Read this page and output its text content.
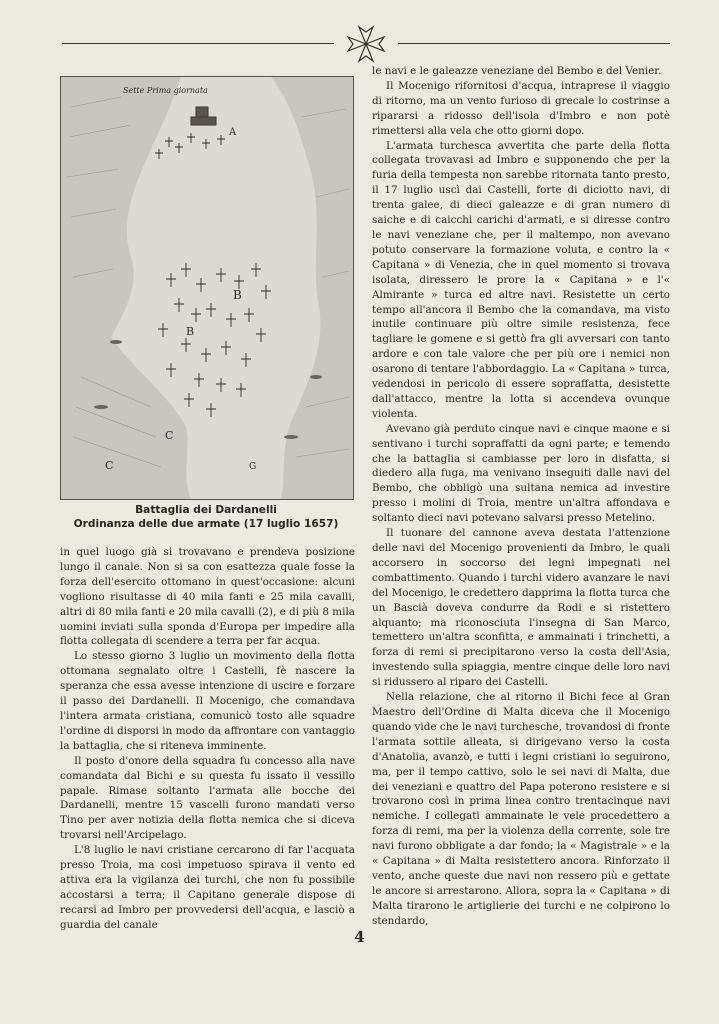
Sette Prima giornata
A
B
B
C
C	G
Battaglia dei Dardanelli
Ordinanza delle due armate (17 luglio 1657)

in quel luogo già si trovavano e prendeva posizione lungo il canale. Non si sa con esattezza quale fosse la forza dell'esercito ottomano in quest'occasione: alcuni vogliono risultasse di 40 mila fanti e 25 mila cavalli, altri di 80 mila fanti e 20 mila cavalli (2), e di più 8 mila uomini inviati sulla sponda d'Europa per impedire alla flotta collegata di scendere a terra per far acqua.

Lo stesso giorno 3 luglio un movimento della flotta ottomana segnalato oltre i Castelli, fè nascere la speranza che essa avesse intenzione di uscire e forzare il passo dei Dardanelli. Il Mocenigo, che comandava l'intera armata cristiana, comunicò tosto alle squadre l'ordine di disporsi in modo da affrontare con vantaggio la battaglia, che si riteneva imminente.

Il posto d'onore della squadra fu concesso alla nave comandata dal Bichi e su questa fu issato il vessillo papale. Rimase soltanto l'armata alle bocche dei Dardanelli, mentre 15 vascelli furono mandati verso Tino per aver notizia della flotta nemica che si diceva trovarsi nell'Arcipelago.

L'8 luglio le navi cristiane cercarono di far l'acquata presso Troia, ma così impetuoso spirava il vento ed attiva era la vigilanza dei turchi, che non fu possibile accostarsi a terra; il Capitano generale dispose di recarsi ad Imbro per provvedersi dell'acqua, e lasciò a guardia del canale

le navi e le galeazze veneziane del Bembo e del Venier.

Il Mocenigo rifornitosi d'acqua, intraprese il viaggio di ritorno, ma un vento furioso di grecale lo costrinse a ripararsi a ridosso dell'isola d'Imbro e non potè rimettersi alla vela che otto giorni dopo.

L'armata turchesca avvertita che parte della flotta collegata trovavasi ad Imbro e supponendo che per la furia della tempesta non sarebbe ritornata tanto presto, il 17 luglio uscì dai Castelli, forte di diciotto navi, di trenta galee, di dieci galeazze e di gran numero di saiche e di caicchi carichi d'armati, e si diresse contro le navi veneziane che, per il maltempo, non avevano potuto conservare la formazione voluta, e contro la « Capitana » di Venezia, che in quel momento si trovava isolata, diressero le prore la « Capitana » e l'« Almirante » turca ed altre navi. Resistette un certo tempo all'ancora il Bembo che la comandava, ma visto inutile continuare più oltre simile resistenza, fece tagliare le gomene e si gettò fra gli avversari con tanto ardore e con tale valore che per più ore i nemici non osarono di tentare l'abbordaggio. La « Capitana » turca, vedendosi in pericolo di essere sopraffatta, desistette dall'attacco, mentre la lotta si accendeva ovunque violenta.

Avevano già perduto cinque navi e cinque maone e si sentivano i turchi sopraffatti da ogni parte; e temendo che la battaglia si cambiasse per loro in disfatta, si diedero alla fuga, ma venivano inseguiti dalle navi del Bembo, che obbligò una sultana nemica ad investire presso i molini di Troia, mentre un'altra affondava e soltanto dieci navi potevano salvarsi presso Metelino.

Il tuonare del cannone aveva destata l'attenzione delle navi del Mocenigo provenienti da Imbro, le quali accorsero in soccorso dei legni impegnati nel combattimento. Quando i turchi videro avanzare le navi del Mocenigo, le credettero dapprima la flotta turca che un Bascià doveva condurre da Rodi e si ristettero alquanto; ma riconosciuta l'insegna di San Marco, temettero un'altra sconfitta, e ammainati i trinchetti, a forza di remi si precipitarono verso la costa dell'Asia, investendo sulla spiaggia, mentre cinque delle loro navi si ridussero al riparo dei Castelli.

Nella relazione, che al ritorno il Bichi fece al Gran Maestro dell'Ordine di Malta diceva che il Mocenigo quando vide che le navi turchesche, trovandosi di fronte l'armata sottile alleata, si dirigevano verso la costa d'Anatolia, avanzò, e tutti i legni cristiani lo seguirono, ma, per il tempo cattivo, solo le sei navi di Malta, due dei veneziani e quattro del Papa poterono resistere e si trovarono così in prima linea contro trentacinque navi nemiche. I collegati ammainate le vele procedettero a forza di remi, ma per la violenza della corrente, sole tre navi furono obbligate a dar fondo; la « Magistrale » e la « Capitana » di Malta resistettero ancora. Rinforzato il vento, anche queste due navi non ressero più e gettate le ancore si arrestarono. Allora, sopra la « Capitana » di Malta tirarono le artiglierie dei turchi e ne colpirono lo stendardo,

4
